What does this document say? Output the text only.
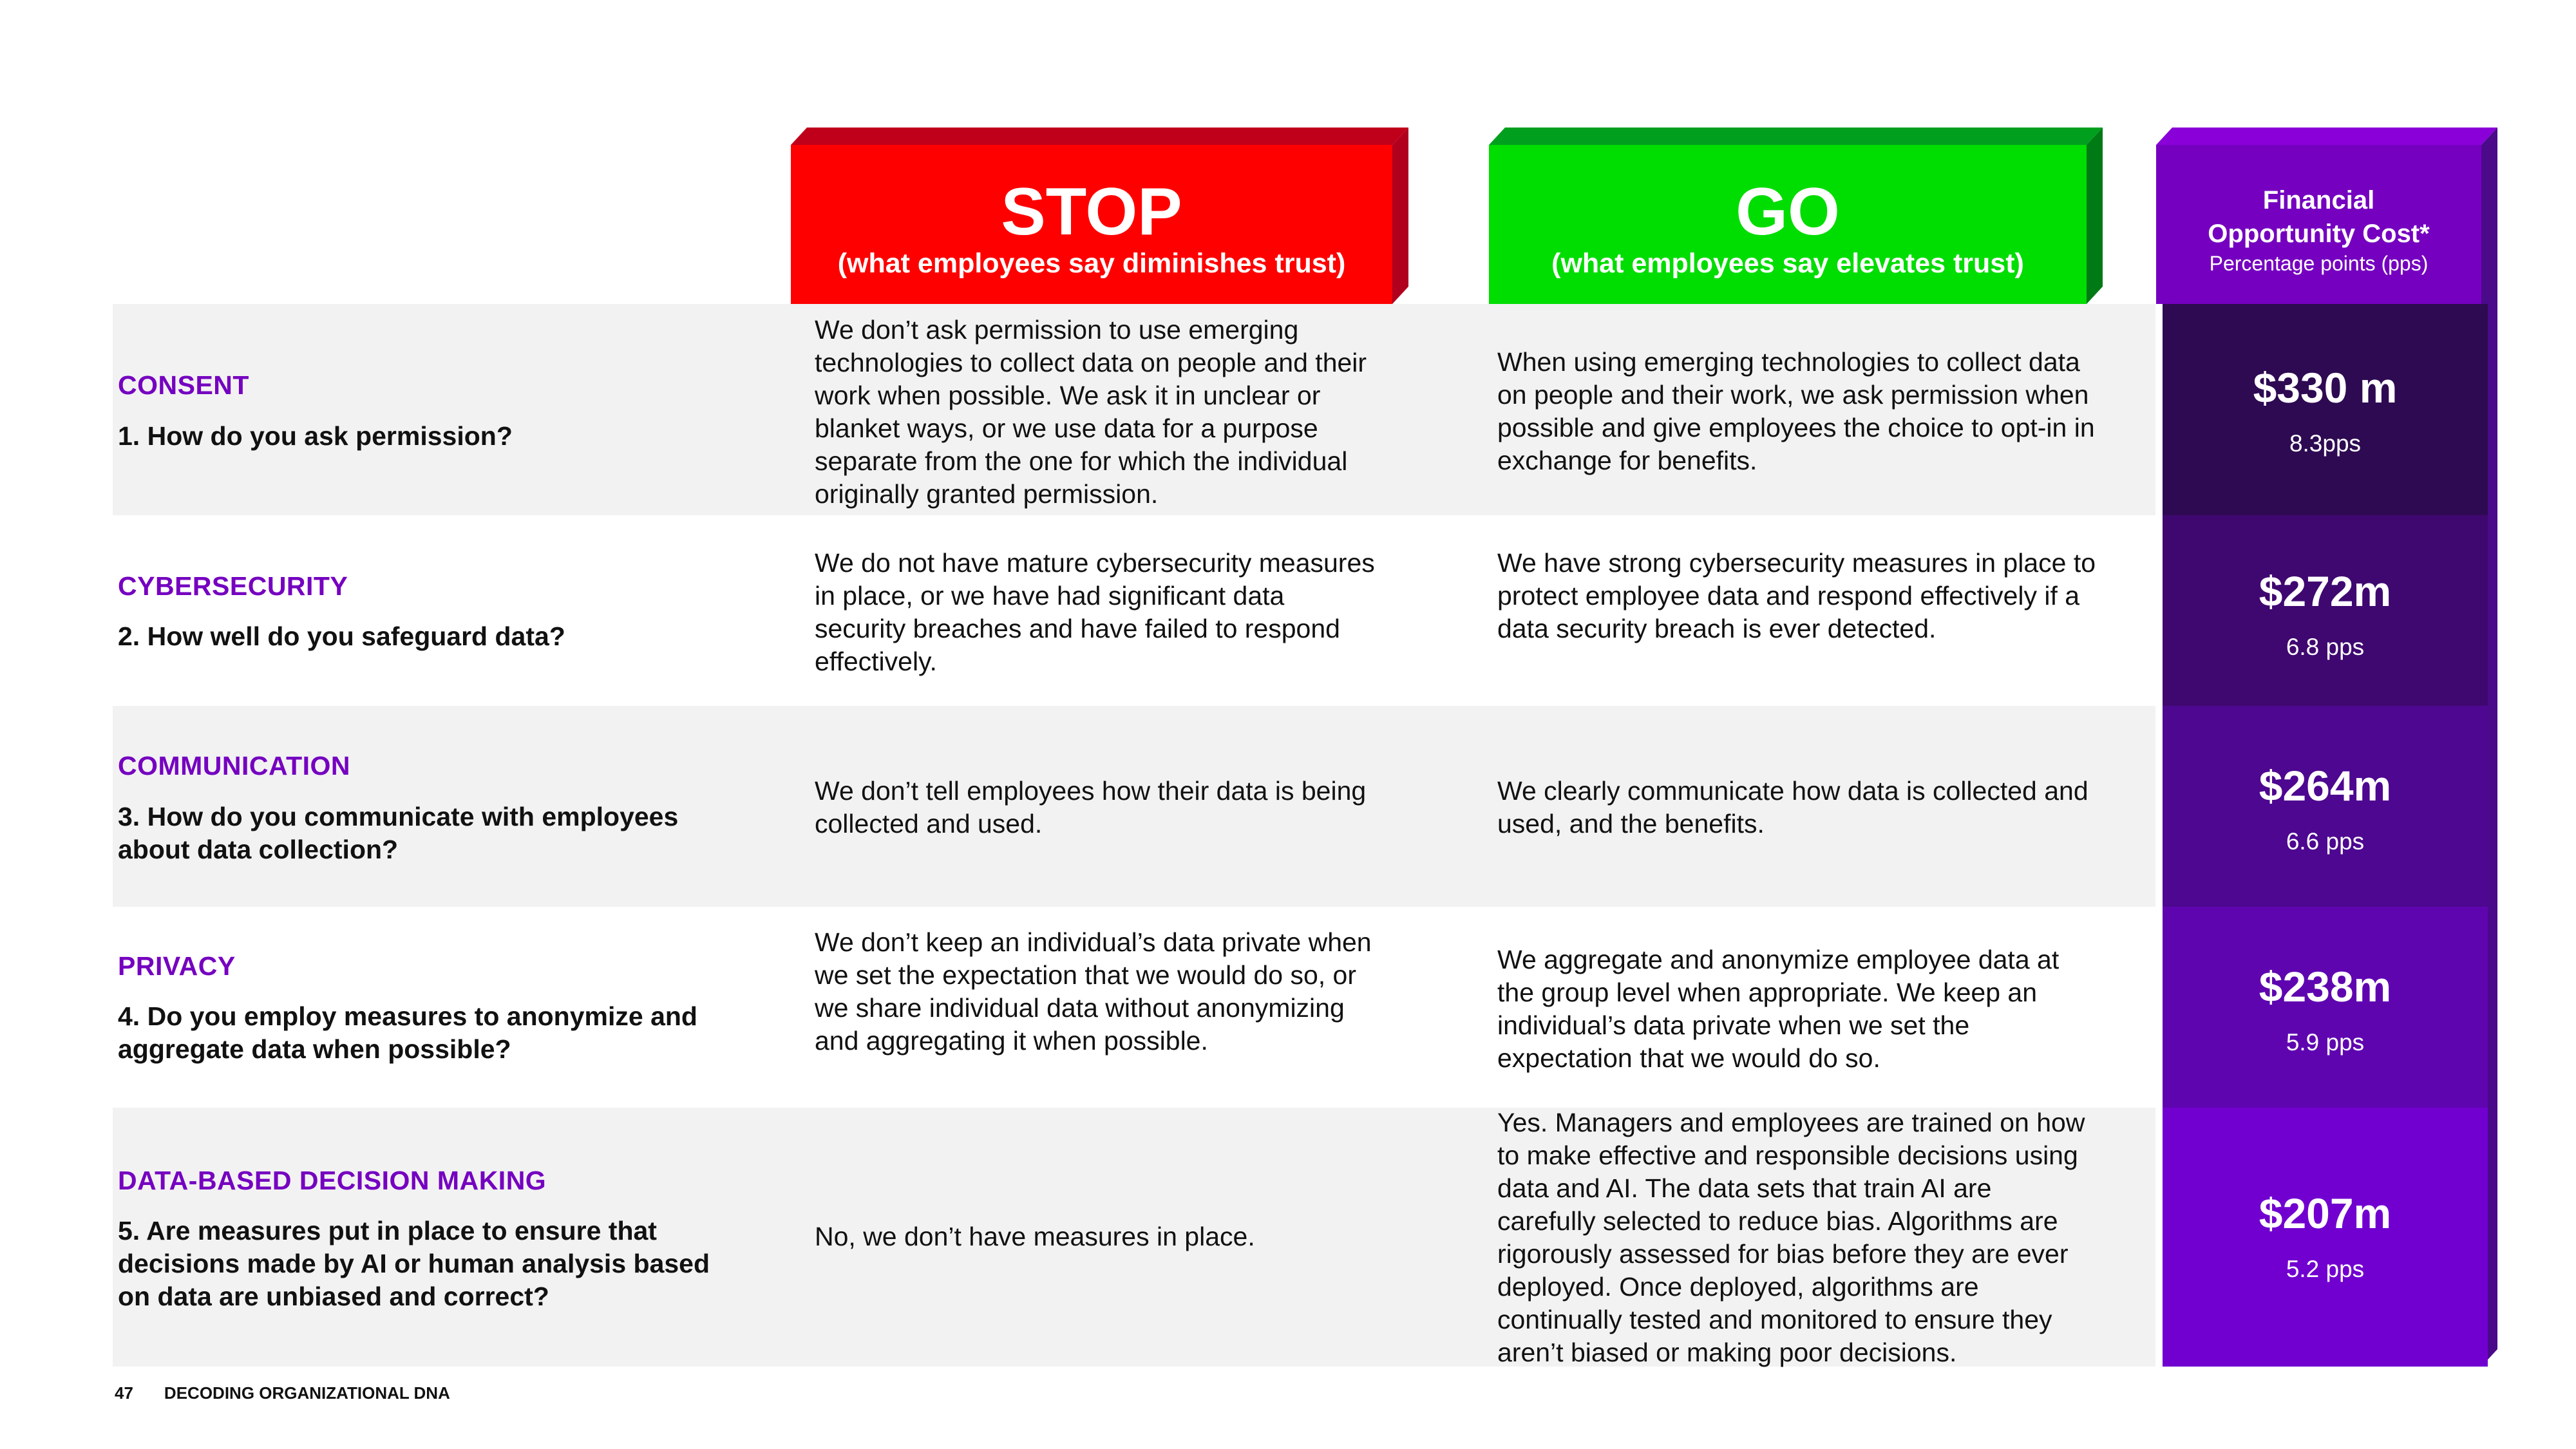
STOP
(what employees say diminishes trust)
GO
(what employees say elevates trust)
Financial
Opportunity Cost*
Percentage points (pps)
$330 m
8.3pps
$272m
6.8 pps
$264m
6.6 pps
$238m
5.9 pps
$207m
5.2 pps
CONSENT
1. How do you ask permission?
We don’t ask permission to use emerging technologies to collect data on people and their work when possible. We ask it in unclear or blanket ways, or we use data for a purpose separate from the one for which the individual originally granted permission.
When using emerging technologies to collect data on people and their work, we ask permission when possible and give employees the choice to opt-in in exchange for benefits.
CYBERSECURITY
2. How well do you safeguard data?
We do not have mature cybersecurity measures in place, or we have had significant data security breaches and have failed to respond effectively.
We have strong cybersecurity measures in place to protect employee data and respond effectively if a data security breach is ever detected.
COMMUNICATION
3. How do you communicate with employees about data collection?
We don’t tell employees how their data is being collected and used.
We clearly communicate how data is collected and used, and the benefits.
PRIVACY
4. Do you employ measures to anonymize and aggregate data when possible?
We don’t keep an individual’s data private when we set the expectation that we would do so, or we share individual data without anonymizing and aggregating it when possible.
We aggregate and anonymize employee data at the group level when appropriate. We keep an individual’s data private when we set the expectation that we would do so.
DATA-BASED DECISION MAKING
5. Are measures put in place to ensure that decisions made by AI or human analysis based on data are unbiased and correct?
No, we don’t have measures in place.
Yes. Managers and employees are trained on how to make effective and responsible decisions using data and AI. The data sets that train AI are carefully selected to reduce bias. Algorithms are rigorously assessed for bias before they are ever deployed. Once deployed, algorithms are continually tested and monitored to ensure they aren’t biased or making poor decisions.
47 DECODING ORGANIZATIONAL DNA
